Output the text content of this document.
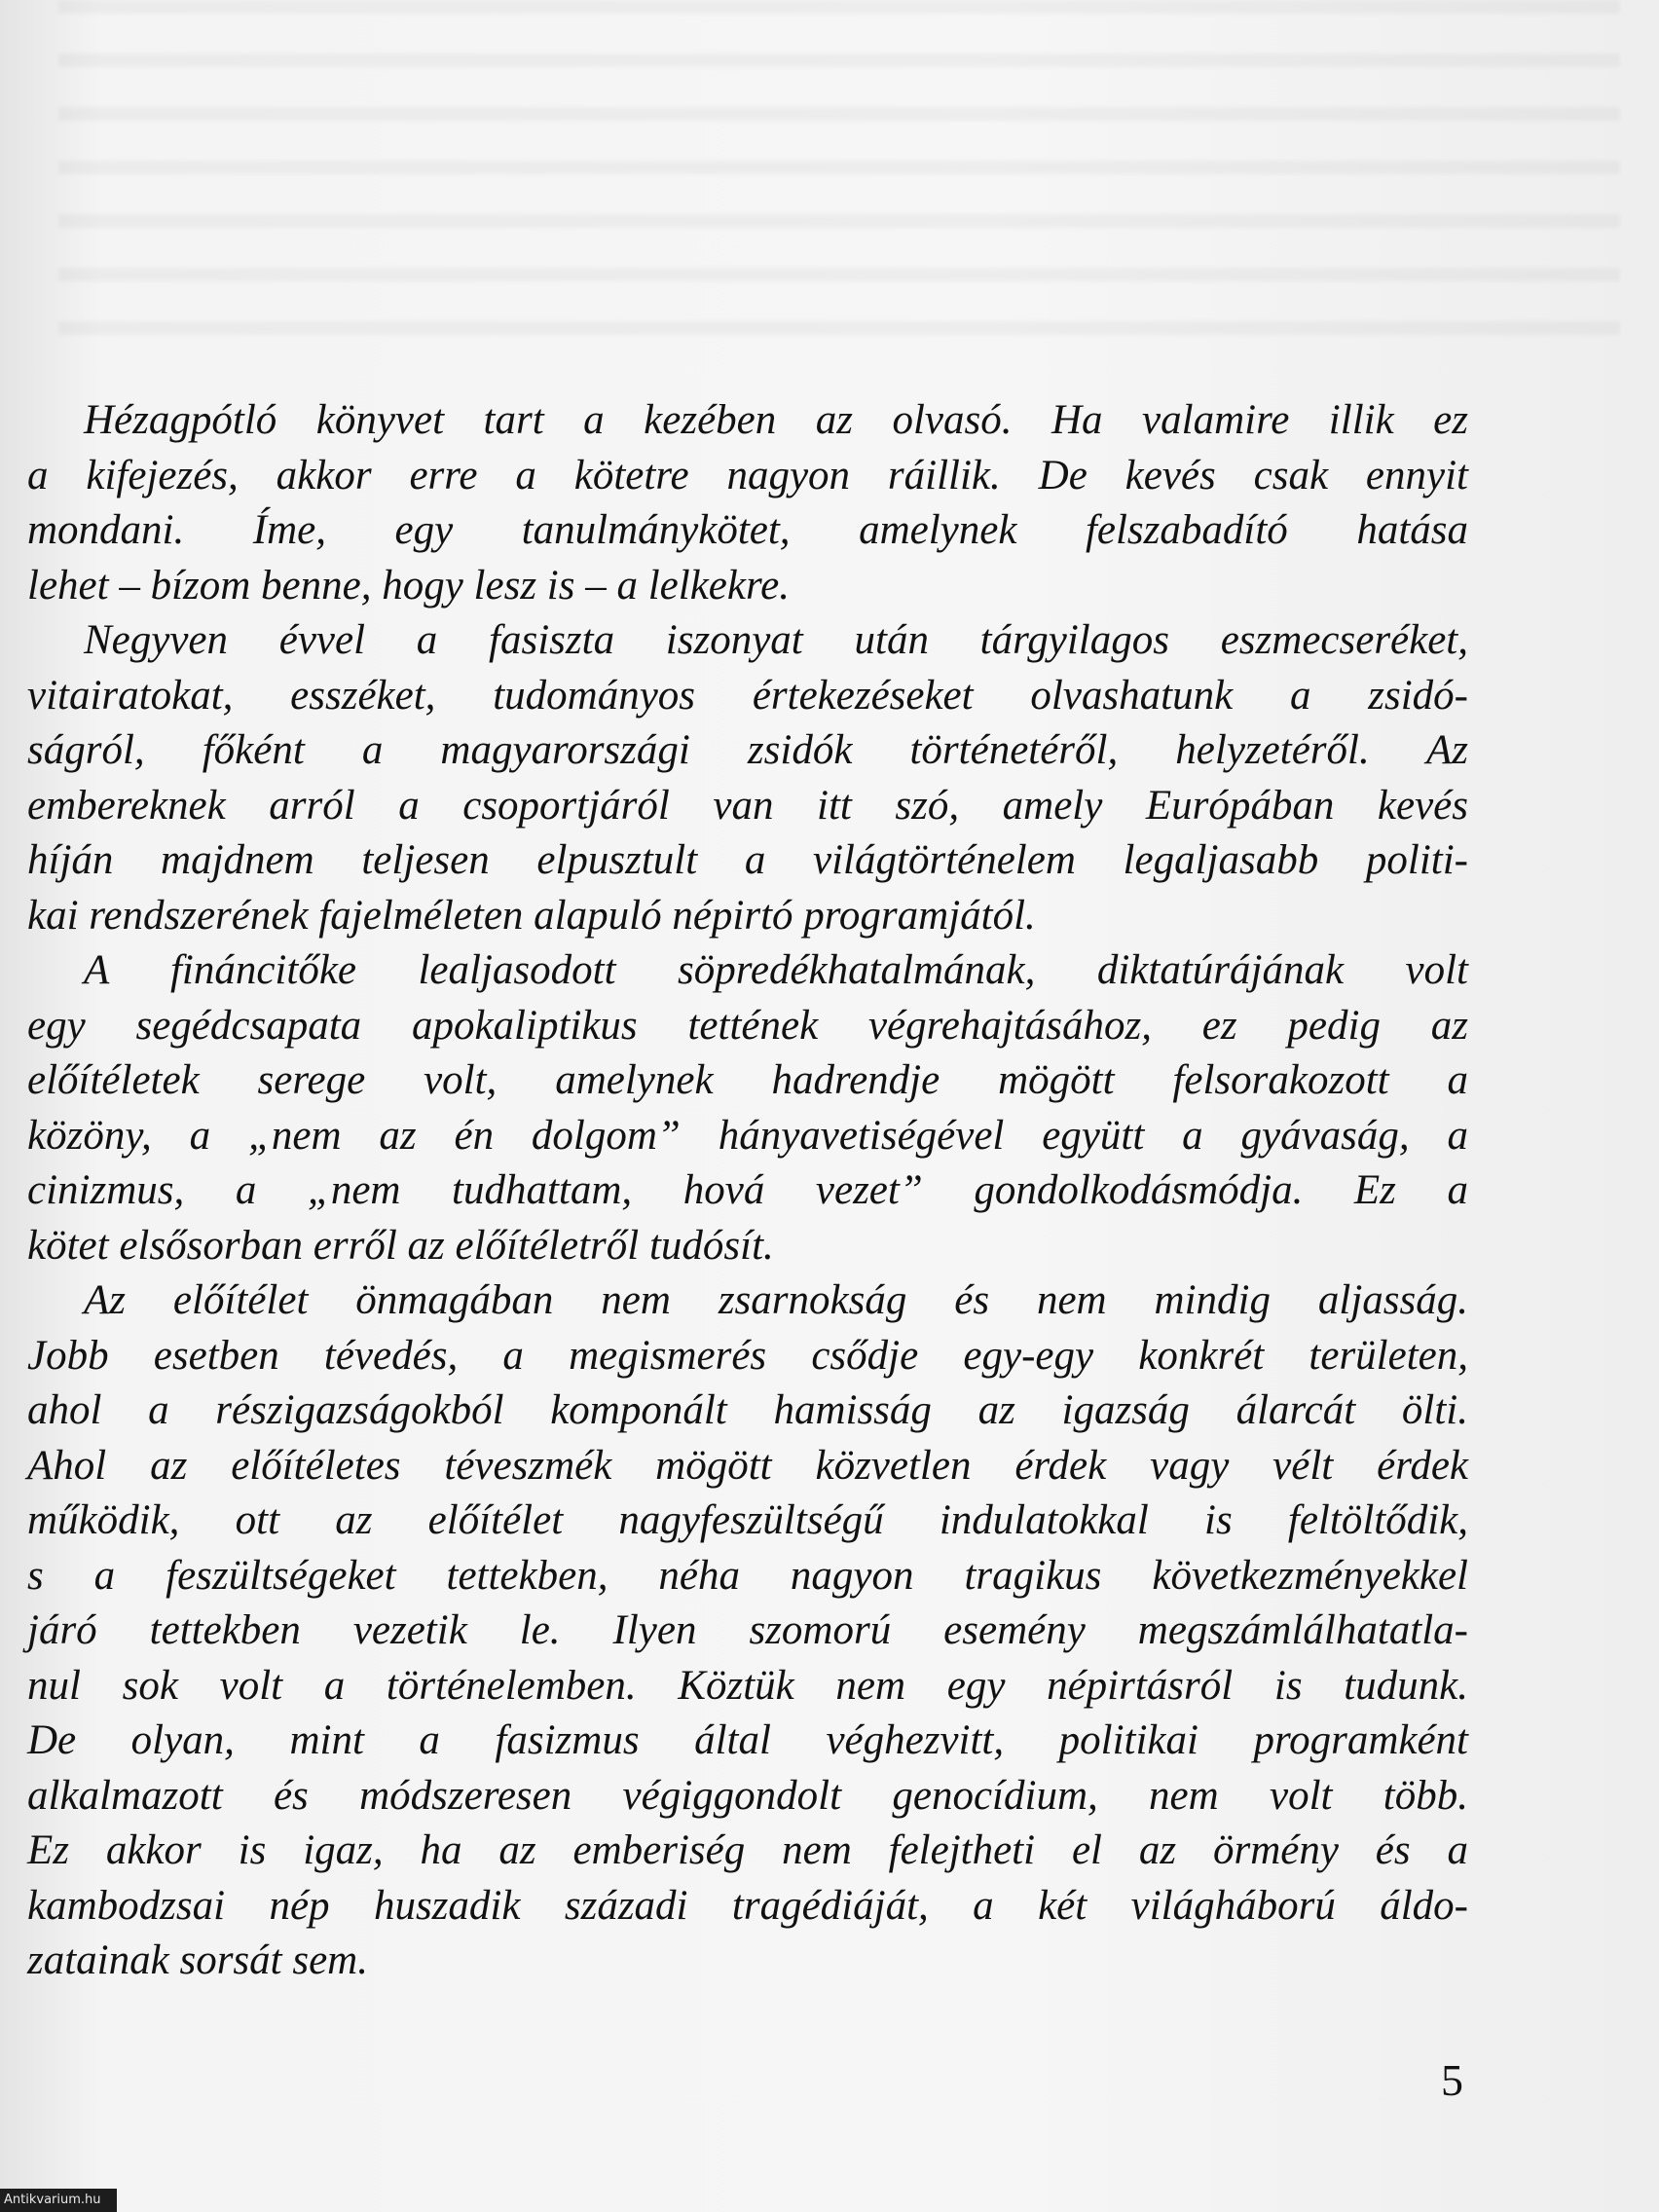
Hézagpótló könyvet tart a kezében az olvasó. Ha valamire illik ez
a kifejezés, akkor erre a kötetre nagyon ráillik. De kevés csak ennyit
mondani. Íme, egy tanulmánykötet, amelynek felszabadító hatása
lehet – bízom benne, hogy lesz is – a lelkekre.

Negyven évvel a fasiszta iszonyat után tárgyilagos eszmecseréket,
vitairatokat, esszéket, tudományos értekezéseket olvashatunk a zsidó-
ságról, főként a magyarországi zsidók történetéről, helyzetéről. Az
embereknek arról a csoportjáról van itt szó, amely Európában kevés
híján majdnem teljesen elpusztult a világtörténelem legaljasabb politi-
kai rendszerének fajelméleten alapuló népirtó programjától.

A fináncitőke lealjasodott söpredékhatalmának, diktatúrájának volt
egy segédcsapata apokaliptikus tettének végrehajtásához, ez pedig az
előítéletek serege volt, amelynek hadrendje mögött felsorakozott a
közöny, a „nem az én dolgom” hányavetiségével együtt a gyávaság, a
cinizmus, a „nem tudhattam, hová vezet” gondolkodásmódja. Ez a
kötet elsősorban erről az előítéletről tudósít.

Az előítélet önmagában nem zsarnokság és nem mindig aljasság.
Jobb esetben tévedés, a megismerés csődje egy-egy konkrét területen,
ahol a részigazságokból komponált hamisság az igazság álarcát ölti.
Ahol az előítéletes téveszmék mögött közvetlen érdek vagy vélt érdek
működik, ott az előítélet nagyfeszültségű indulatokkal is feltöltődik,
s a feszültségeket tettekben, néha nagyon tragikus következményekkel
járó tettekben vezetik le. Ilyen szomorú esemény megszámlálhatatla-
nul sok volt a történelemben. Köztük nem egy népirtásról is tudunk.
De olyan, mint a fasizmus által véghezvitt, politikai programként
alkalmazott és módszeresen végiggondolt genocídium, nem volt több.
Ez akkor is igaz, ha az emberiség nem felejtheti el az örmény és a
kambodzsai nép huszadik századi tragédiáját, a két világháború áldo-
zatainak sorsát sem.

5
Antikvarium.hu
